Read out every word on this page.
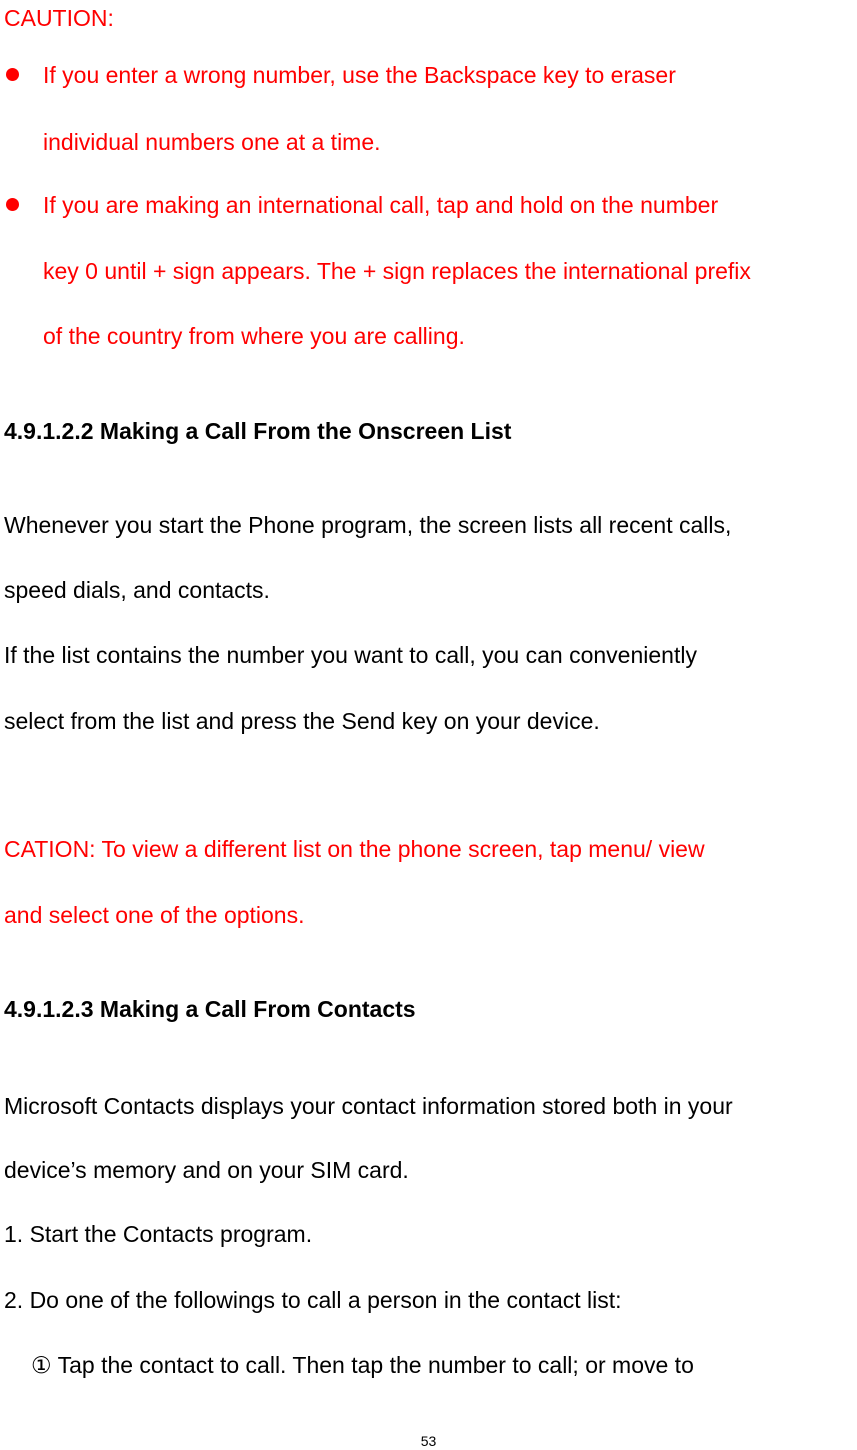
CAUTION:
If you enter a wrong number, use the Backspace key to eraser
individual numbers one at a time.
If you are making an international call, tap and hold on the number
key 0 until + sign appears. The + sign replaces the international prefix
of the country from where you are calling.
4.9.1.2.2 Making a Call From the Onscreen List
Whenever you start the Phone program, the screen lists all recent calls,
speed dials, and contacts.
If the list contains the number you want to call, you can conveniently
select from the list and press the Send key on your device.
CATION: To view a different list on the phone screen, tap menu/ view
and select one of the options.
4.9.1.2.3 Making a Call From Contacts
Microsoft Contacts displays your contact information stored both in your
device’s memory and on your SIM card.
1. Start the Contacts program.
2. Do one of the followings to call a person in the contact list:
① Tap the contact to call. Then tap the number to call; or move to
53
